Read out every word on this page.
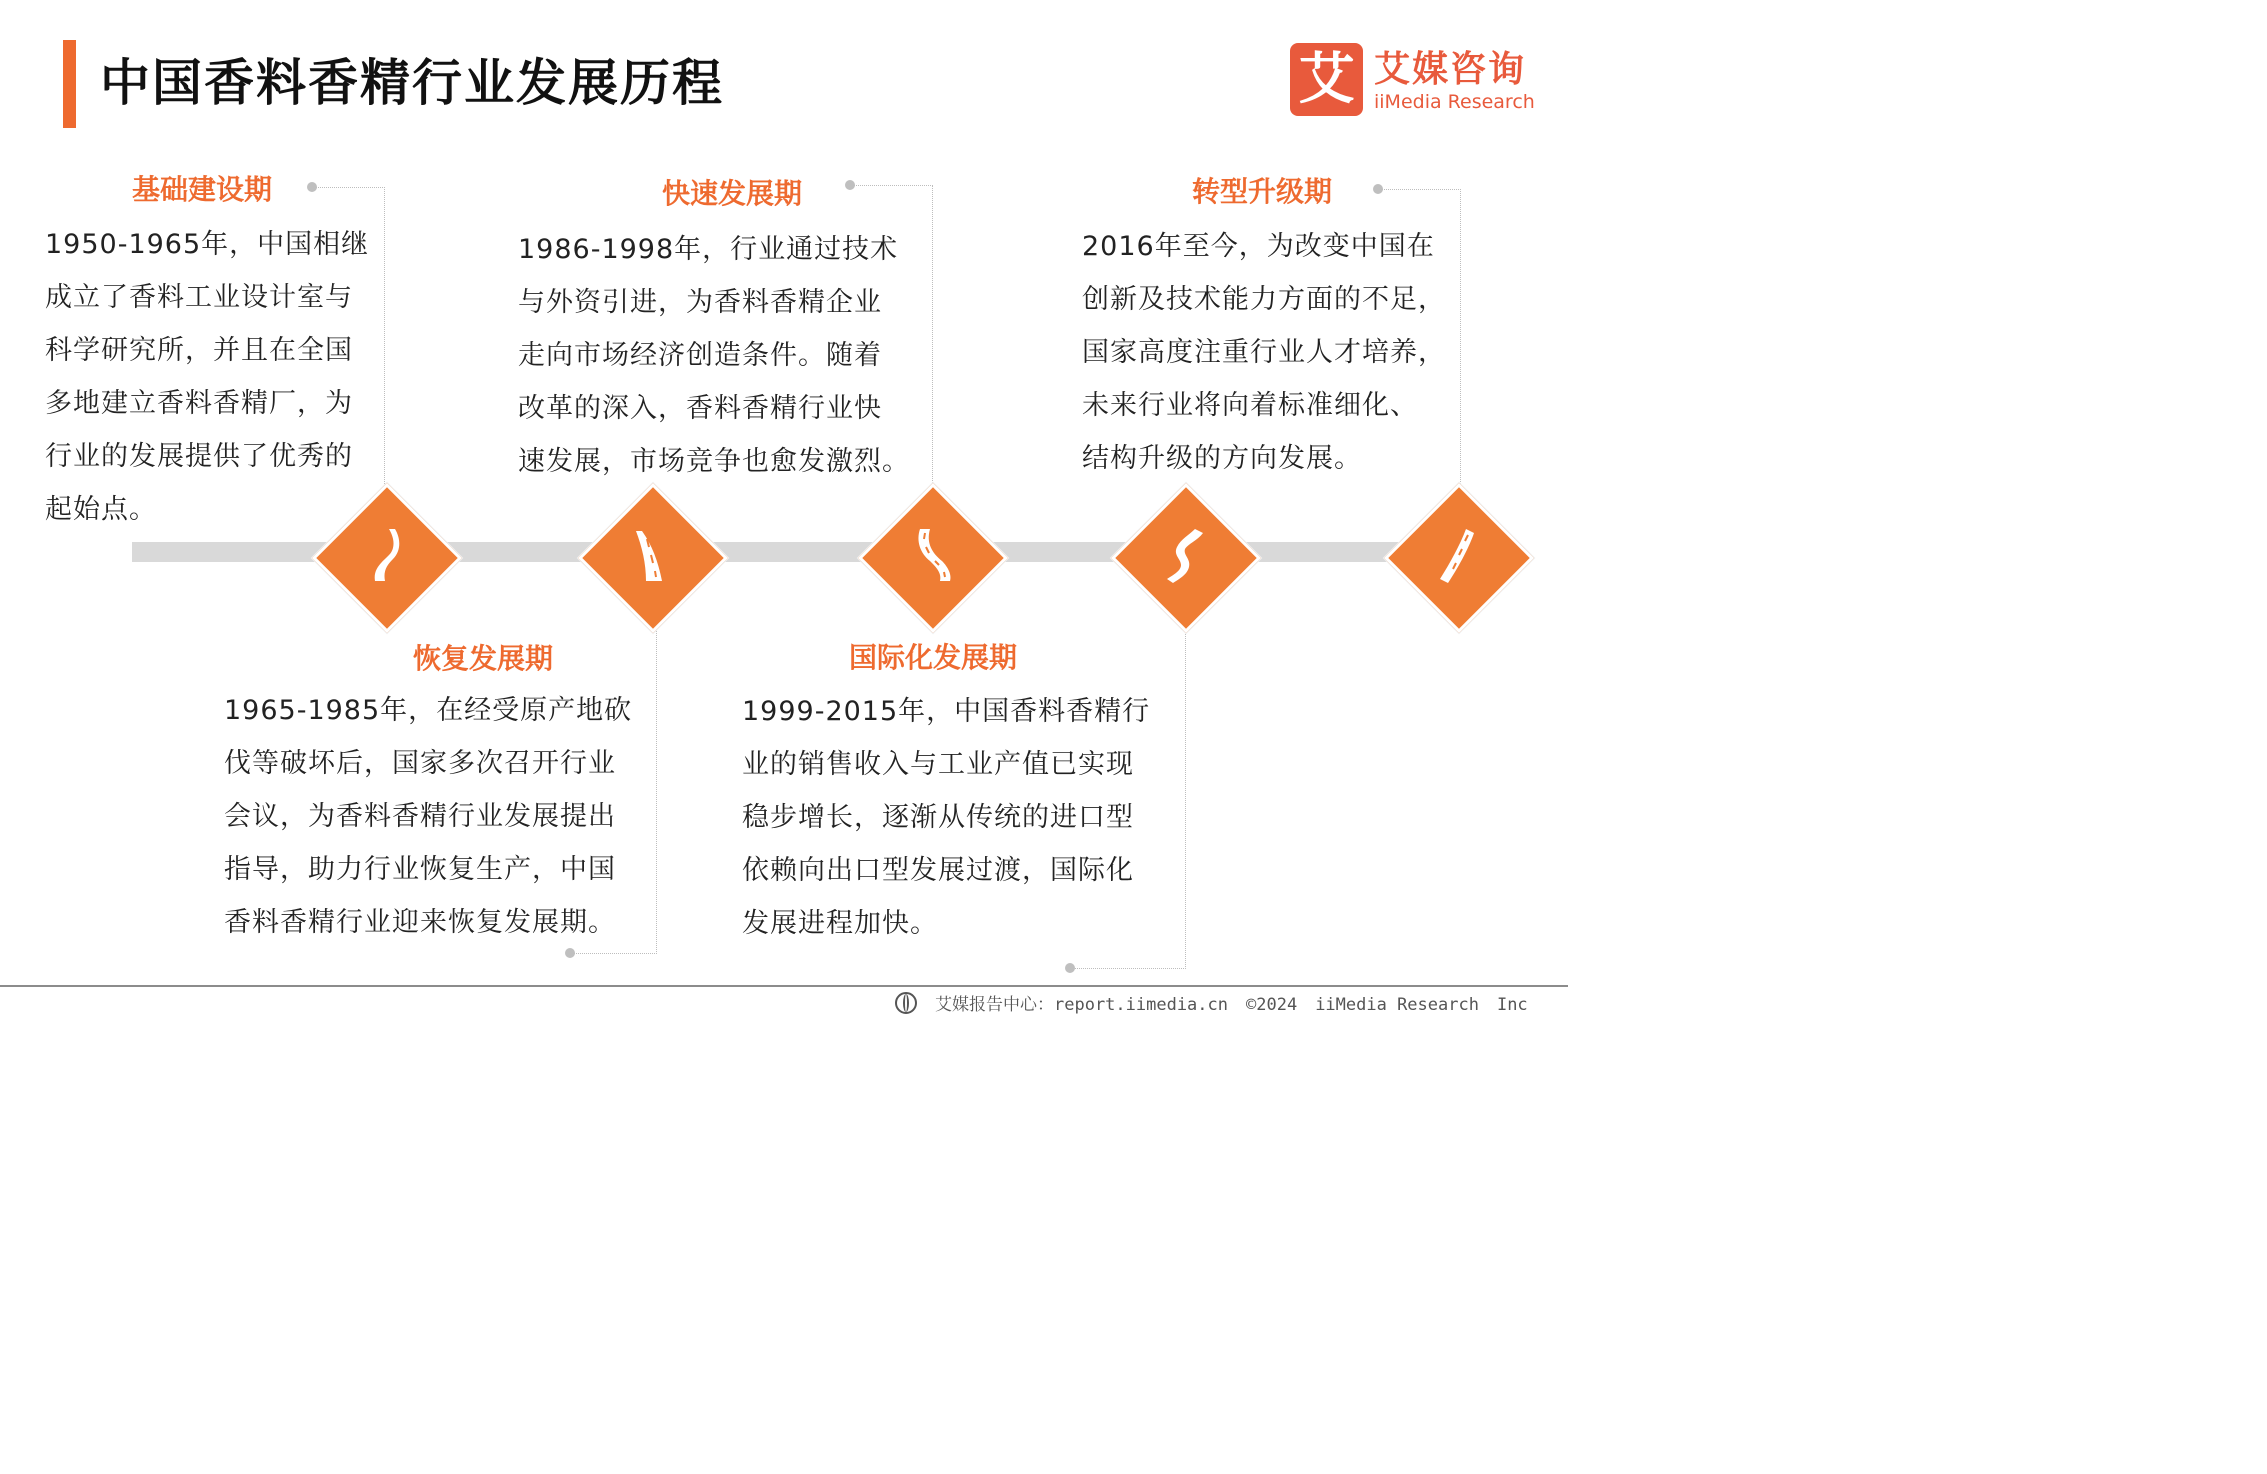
中国香料香精行业发展历程	艾 艾媒咨询
iiMedia Research
基础建设期
1950-1965年，中国相继
成立了香料工业设计室与
科学研究所，并且在全国
多地建立香料香精厂，为
行业的发展提供了优秀的
起始点。
恢复发展期
1965-1985年，在经受原产地砍
伐等破坏后，国家多次召开行业
会议，为香料香精行业发展提出
指导，助力行业恢复生产，中国
香料香精行业迎来恢复发展期。
快速发展期
1986-1998年，行业通过技术
与外资引进，为香料香精企业
走向市场经济创造条件。随着
改革的深入，香料香精行业快
速发展，市场竞争也愈发激烈。
国际化发展期
1999-2015年，中国香料香精行
业的销售收入与工业产值已实现
稳步增长，逐渐从传统的进口型
依赖向出口型发展过渡，国际化
发展进程加快。
转型升级期
2016年至今，为改变中国在
创新及技术能力方面的不足，
国家高度注重行业人才培养，
未来行业将向着标准细化、
结构升级的方向发展。
艾媒报告中心：report.iimedia.cn ©2024 iiMedia Research Inc
